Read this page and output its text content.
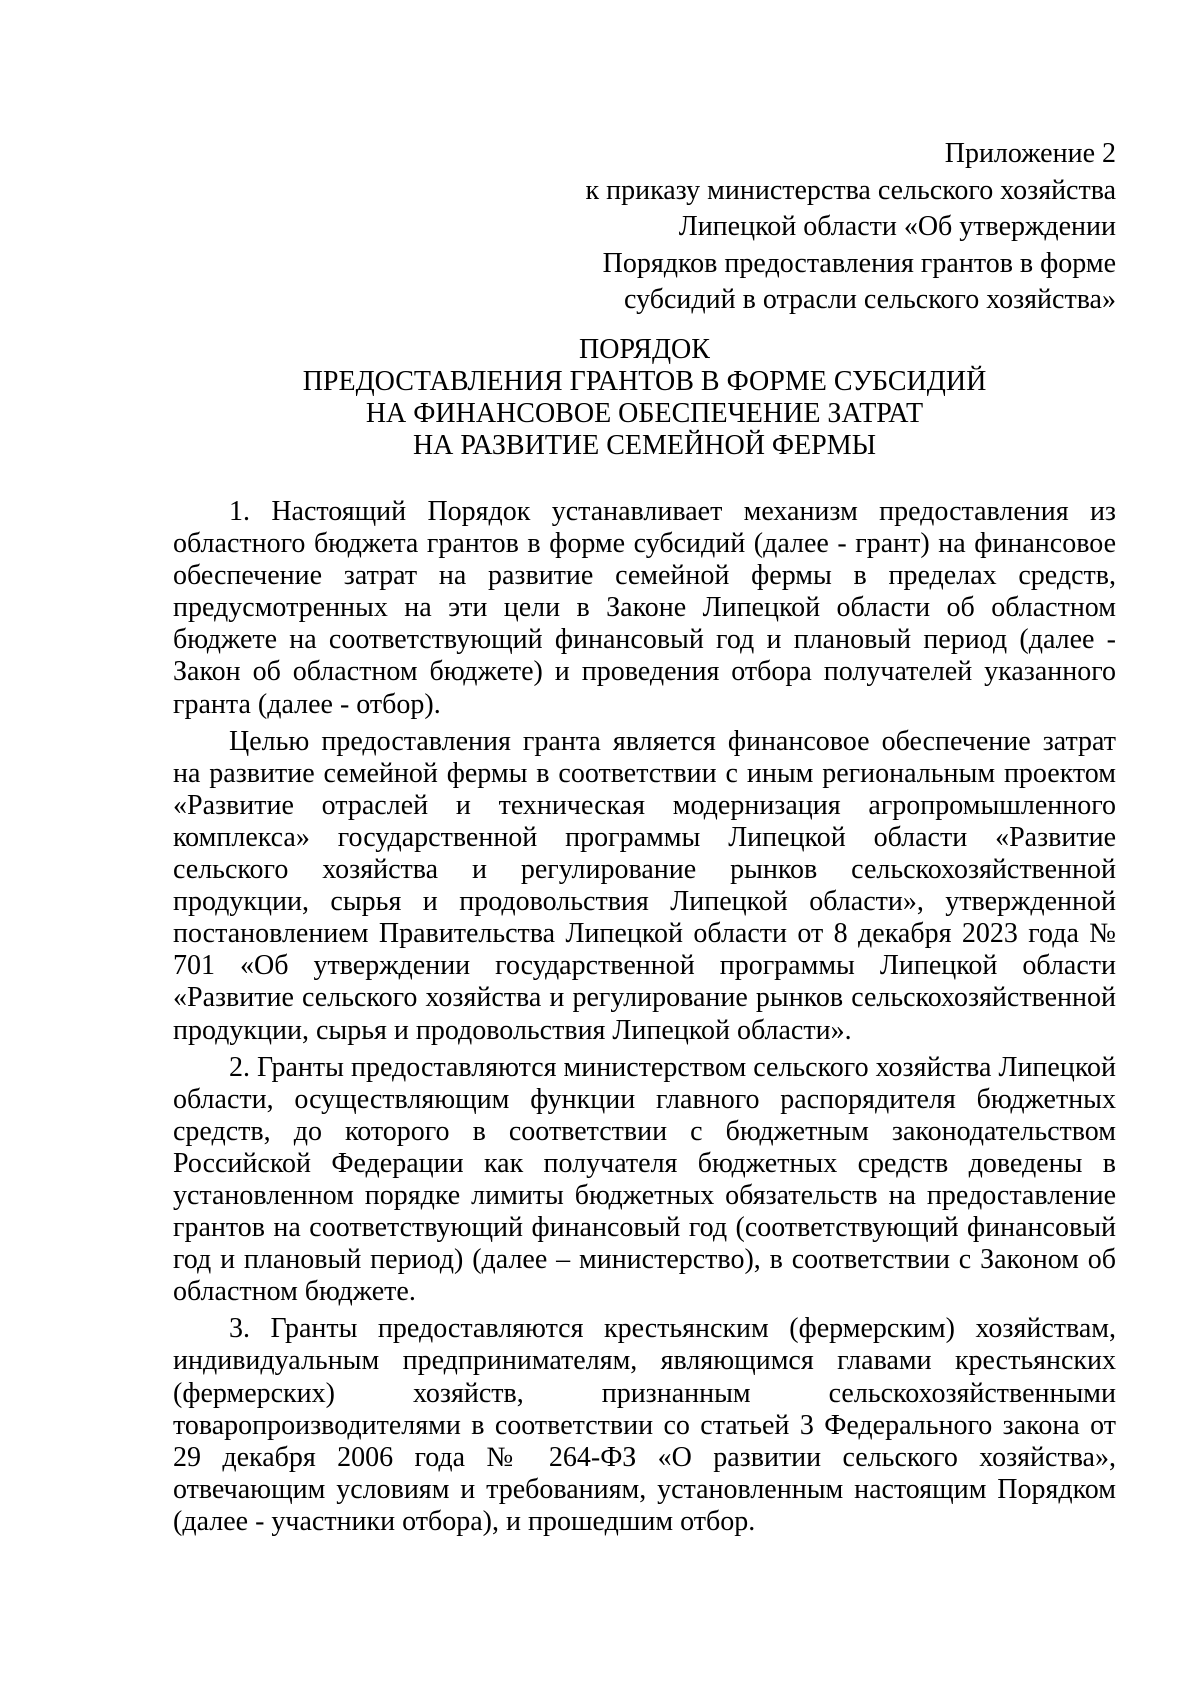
Приложение 2
к приказу министерства сельского хозяйства
Липецкой области «Об утверждении
Порядков предоставления грантов в форме
субсидий в отрасли сельского хозяйства»
ПОРЯДОК
ПРЕДОСТАВЛЕНИЯ ГРАНТОВ В ФОРМЕ СУБСИДИЙ
НА ФИНАНСОВОЕ ОБЕСПЕЧЕНИЕ ЗАТРАТ
НА РАЗВИТИЕ СЕМЕЙНОЙ ФЕРМЫ

1. Настоящий Порядок устанавливает механизм предоставления из областного бюджета грантов в форме субсидий (далее - грант) на финансовое обеспечение затрат на развитие семейной фермы в пределах средств, предусмотренных на эти цели в Законе Липецкой области об областном бюджете на соответствующий финансовый год и плановый период (далее - Закон об областном бюджете) и проведения отбора получателей указанного гранта (далее - отбор).

Целью предоставления гранта является финансовое обеспечение затрат на развитие семейной фермы в соответствии с иным региональным проектом «Развитие отраслей и техническая модернизация агропромышленного комплекса» государственной программы Липецкой области «Развитие сельского хозяйства и регулирование рынков сельскохозяйственной продукции, сырья и продовольствия Липецкой области», утвержденной постановлением Правительства Липецкой области от 8 декабря 2023 года № 701 «Об утверждении государственной программы Липецкой области «Развитие сельского хозяйства и регулирование рынков сельскохозяйственной продукции, сырья и продовольствия Липецкой области».

2. Гранты предоставляются министерством сельского хозяйства Липецкой области, осуществляющим функции главного распорядителя бюджетных средств, до которого в соответствии с бюджетным законодательством Российской Федерации как получателя бюджетных средств доведены в установленном порядке лимиты бюджетных обязательств на предоставление грантов на соответствующий финансовый год (соответствующий финансовый год и плановый период) (далее – министерство), в соответствии с Законом об областном бюджете.

3. Гранты предоставляются крестьянским (фермерским) хозяйствам, индивидуальным предпринимателям, являющимся главами крестьянских (фермерских) хозяйств, признанным сельскохозяйственными товаропроизводителями в соответствии со статьей 3 Федерального закона от 29 декабря 2006 года № 264-ФЗ «О развитии сельского хозяйства», отвечающим условиям и требованиям, установленным настоящим Порядком (далее - участники отбора), и прошедшим отбор.
